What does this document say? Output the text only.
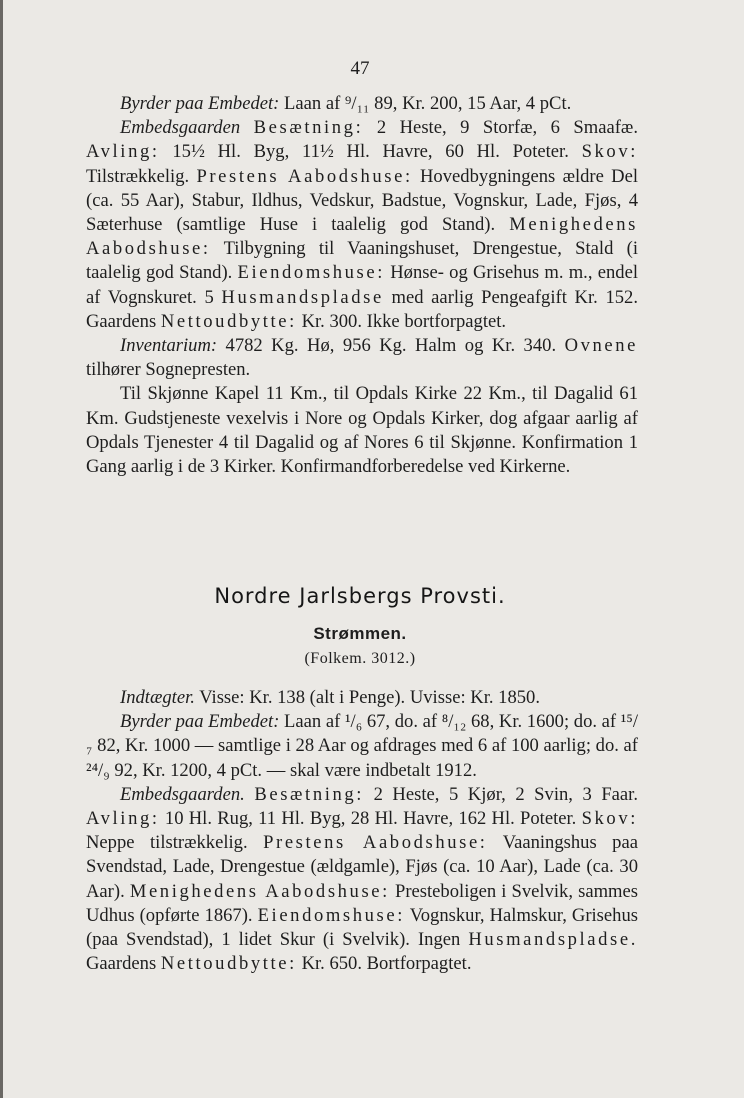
47

Byrder paa Embedet: Laan af ⁹/₁₁ 89, Kr. 200, 15 Aar, 4 pCt.

Embedsgaarden Besætning: 2 Heste, 9 Storfæ, 6 Smaafæ. Avling: 15½ Hl. Byg, 11½ Hl. Havre, 60 Hl. Poteter. Skov: Tilstrækkelig. Prestens Aabodshuse: Hovedbygningens ældre Del (ca. 55 Aar), Stabur, Ildhus, Vedskur, Badstue, Vognskur, Lade, Fjøs, 4 Sæterhuse (samtlige Huse i taalelig god Stand). Menighedens Aabodshuse: Tilbygning til Vaaningshuset, Drengestue, Stald (i taalelig god Stand). Eiendomshuse: Hønse- og Grisehus m. m., endel af Vognskuret. 5 Husmandspladse med aarlig Pengeafgift Kr. 152. Gaardens Nettoudbytte: Kr. 300. Ikke bortforpagtet.

Inventarium: 4782 Kg. Hø, 956 Kg. Halm og Kr. 340. Ovnene tilhører Sognepresten.

Til Skjønne Kapel 11 Km., til Opdals Kirke 22 Km., til Dagalid 61 Km. Gudstjeneste vexelvis i Nore og Opdals Kirker, dog afgaar aarlig af Opdals Tjenester 4 til Dagalid og af Nores 6 til Skjønne. Konfirmation 1 Gang aarlig i de 3 Kirker. Konfirmandforberedelse ved Kirkerne.

Nordre Jarlsbergs Provsti.
Strømmen.
(Folkem. 3012.)

Indtægter. Visse: Kr. 138 (alt i Penge). Uvisse: Kr. 1850.

Byrder paa Embedet: Laan af ¹/₆ 67, do. af ⁸/₁₂ 68, Kr. 1600; do. af ¹⁵/₇ 82, Kr. 1000 — samtlige i 28 Aar og afdrages med 6 af 100 aarlig; do. af ²⁴/₉ 92, Kr. 1200, 4 pCt. — skal være indbetalt 1912.

Embedsgaarden. Besætning: 2 Heste, 5 Kjør, 2 Svin, 3 Faar. Avling: 10 Hl. Rug, 11 Hl. Byg, 28 Hl. Havre, 162 Hl. Poteter. Skov: Neppe tilstrækkelig. Prestens Aabodshuse: Vaaningshus paa Svendstad, Lade, Drengestue (ældgamle), Fjøs (ca. 10 Aar), Lade (ca. 30 Aar). Menighedens Aabodshuse: Presteboligen i Svelvik, sammes Udhus (opførte 1867). Eiendomshuse: Vognskur, Halmskur, Grisehus (paa Svendstad), 1 lidet Skur (i Svelvik). Ingen Husmandspladse. Gaardens Nettoudbytte: Kr. 650. Bortforpagtet.
